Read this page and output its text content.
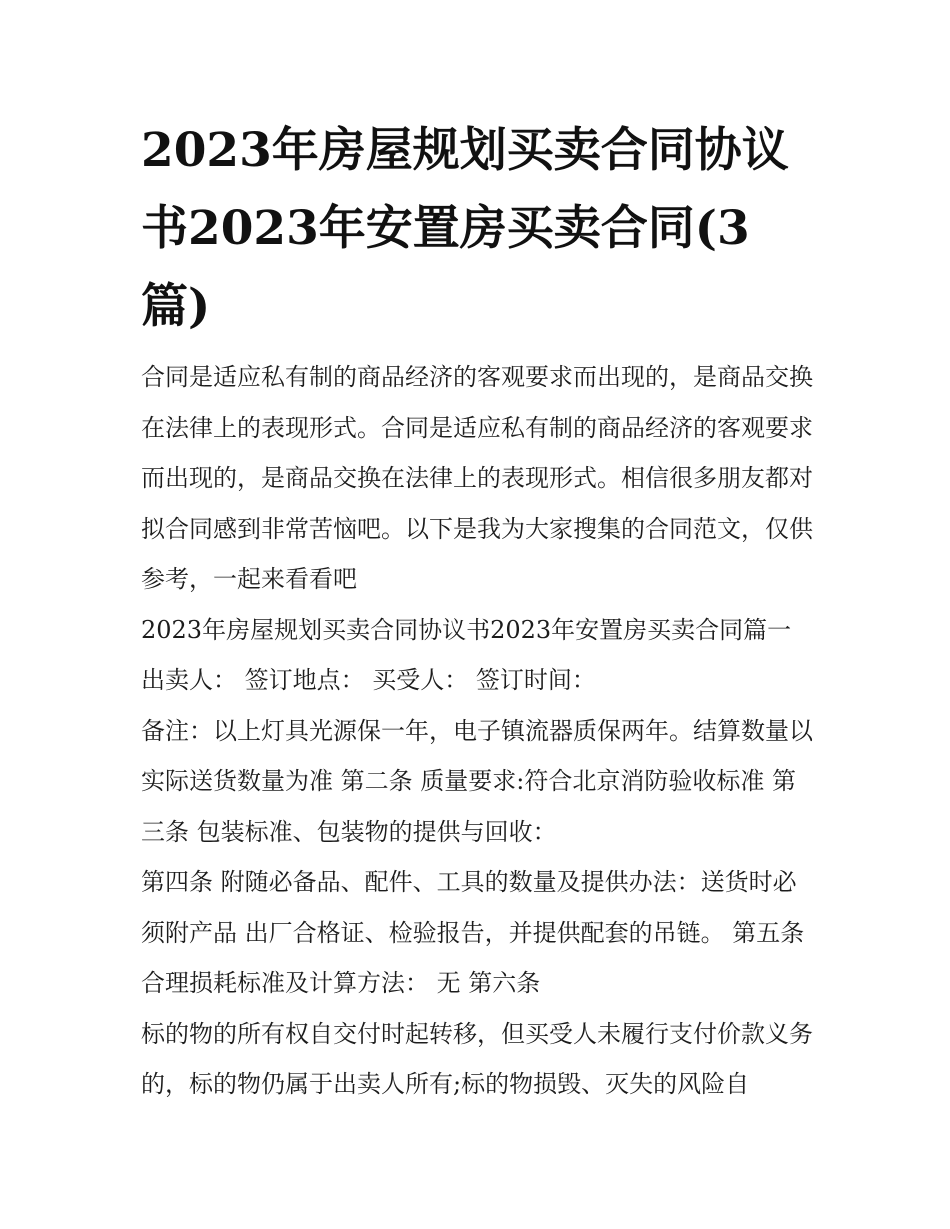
2023年房屋规划买卖合同协议书2023年安置房买卖合同(3篇)

合同是适应私有制的商品经济的客观要求而出现的，是商品交换在法律上的表现形式。合同是适应私有制的商品经济的客观要求而出现的，是商品交换在法律上的表现形式。相信很多朋友都对拟合同感到非常苦恼吧。以下是我为大家搜集的合同范文，仅供参考，一起来看看吧

2023年房屋规划买卖合同协议书2023年安置房买卖合同篇一

出卖人： 签订地点： 买受人： 签订时间：

备注：以上灯具光源保一年，电子镇流器质保两年。结算数量以实际送货数量为准 第二条 质量要求:符合北京消防验收标准 第三条 包装标准、包装物的提供与回收：

第四条 附随必备品、配件、工具的数量及提供办法：送货时必须附产品 出厂合格证、检验报告，并提供配套的吊链。 第五条 合理损耗标准及计算方法： 无 第六条

标的物的所有权自交付时起转移，但买受人未履行支付价款义务的，标的物仍属于出卖人所有;标的物损毁、灭失的风险自
